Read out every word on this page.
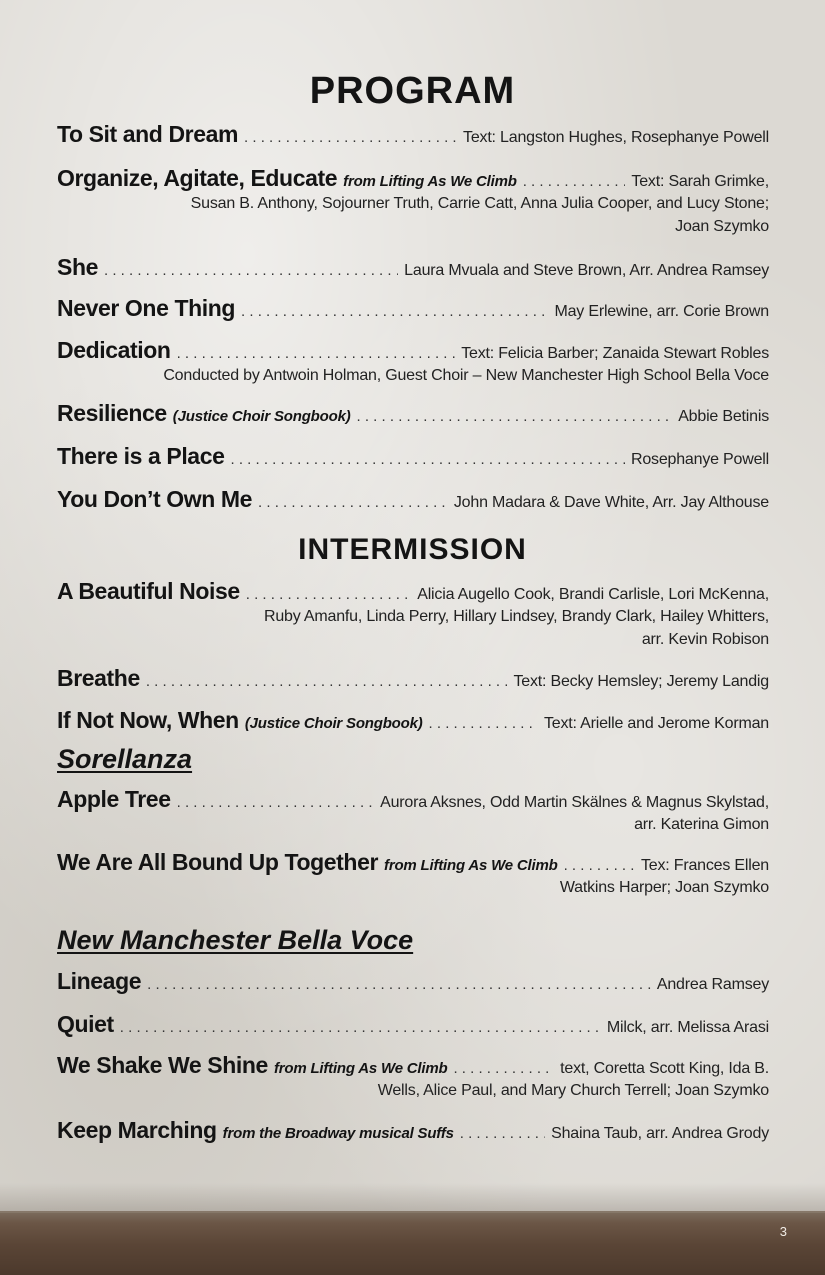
PROGRAM
To Sit and Dream . . .	Text: Langston Hughes, Rosephanye Powell
Organize, Agitate, Educate from Lifting As We Climb . . .	Text: Sarah Grimke,
Susan B. Anthony, Sojourner Truth, Carrie Catt, Anna Julia Cooper, and Lucy Stone;
Joan Szymko
She . . .	Laura Mvuala and Steve Brown, Arr. Andrea Ramsey
Never One Thing . . .	May Erlewine, arr. Corie Brown
Dedication . . .	Text: Felicia Barber; Zanaida Stewart Robles
Conducted by Antwoin Holman, Guest Choir – New Manchester High School Bella Voce
Resilience (Justice Choir Songbook) . . .	Abbie Betinis
There is a Place . . .	Rosephanye Powell
You Don’t Own Me . . .	John Madara & Dave White, Arr. Jay Althouse
INTERMISSION
A Beautiful Noise . . .	Alicia Augello Cook, Brandi Carlisle, Lori McKenna,
Ruby Amanfu, Linda Perry, Hillary Lindsey, Brandy Clark, Hailey Whitters,
arr. Kevin Robison
Breathe . . .	Text: Becky Hemsley; Jeremy Landig
If Not Now, When (Justice Choir Songbook) . . .	Text: Arielle and Jerome Korman
Sorellanza
Apple Tree . . .	Aurora Aksnes, Odd Martin Skälnes & Magnus Skylstad,
arr. Katerina Gimon
We Are All Bound Up Together from Lifting As We Climb . . .	Tex: Frances Ellen
Watkins Harper; Joan Szymko
New Manchester Bella Voce
Lineage . . .	Andrea Ramsey
Quiet . . .	Milck, arr. Melissa Arasi
We Shake We Shine from Lifting As We Climb . . .	text, Coretta Scott King, Ida B.
Wells, Alice Paul, and Mary Church Terrell; Joan Szymko
Keep Marching from the Broadway musical Suffs . . .	Shaina Taub, arr. Andrea Grody
3
